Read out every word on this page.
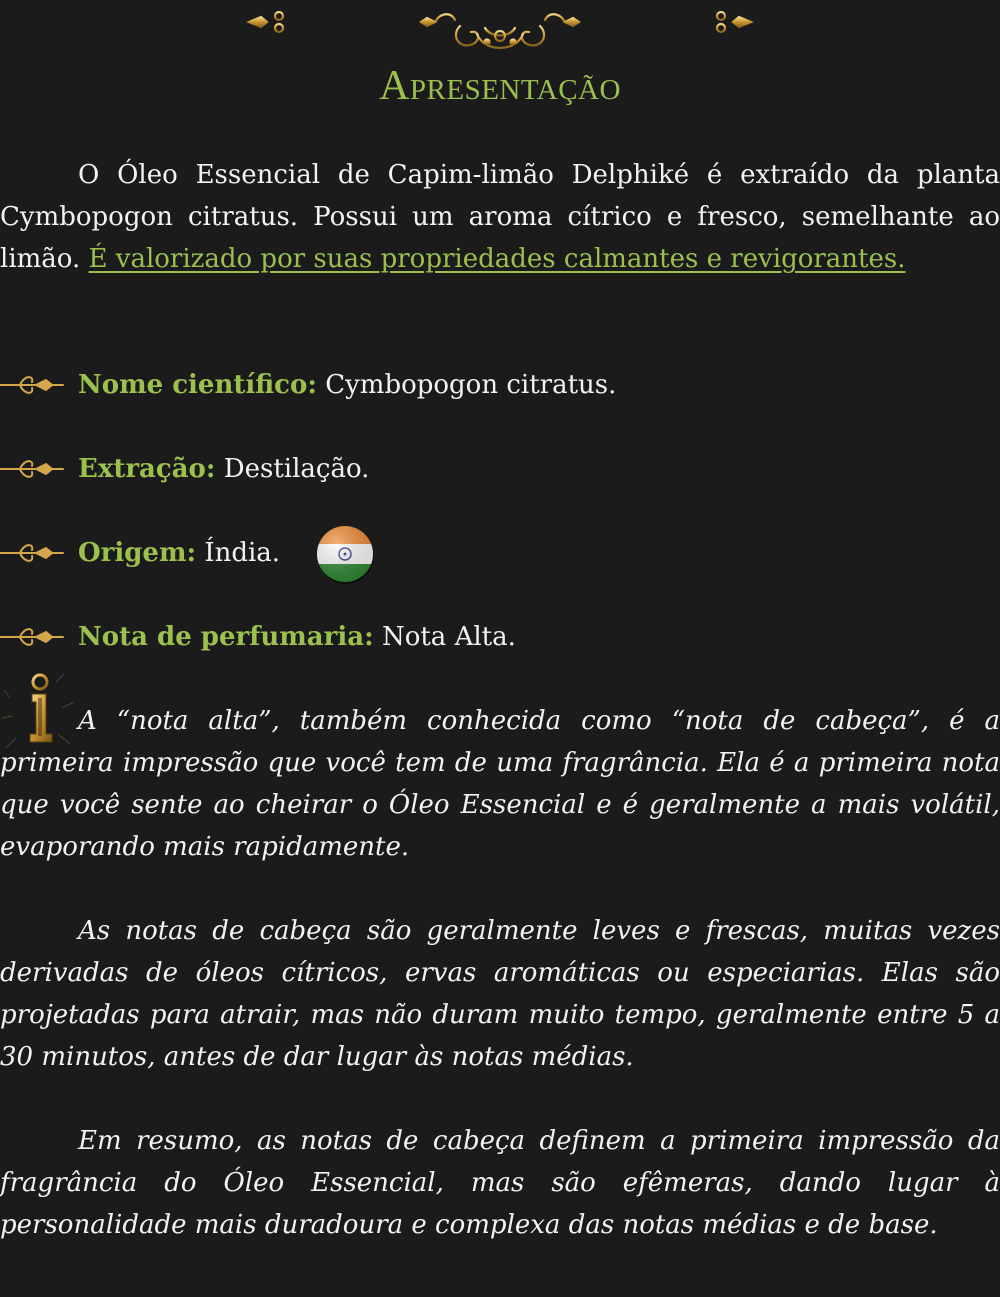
Apresentação

O Óleo Essencial de Capim-limão Delphiké é extraído da planta Cymbopogon citratus. Possui um aroma cítrico e fresco, semelhante ao limão. É valorizado por suas propriedades calmantes e revigorantes.

Nome científico: Cymbopogon citratus.
Extração: Destilação.
Origem: Índia.
Nota de perfumaria: Nota Alta.

A “nota alta”, também conhecida como “nota de cabeça”, é a primeira impressão que você tem de uma fragrância. Ela é a primeira nota que você sente ao cheirar o Óleo Essencial e é geralmente a mais volátil, evaporando mais rapidamente.

As notas de cabeça são geralmente leves e frescas, muitas vezes derivadas de óleos cítricos, ervas aromáticas ou especiarias. Elas são projetadas para atrair, mas não duram muito tempo, geralmente entre 5 a 30 minutos, antes de dar lugar às notas médias.

Em resumo, as notas de cabeça definem a primeira impressão da fragrância do Óleo Essencial, mas são efêmeras, dando lugar à personalidade mais duradoura e complexa das notas médias e de base.
